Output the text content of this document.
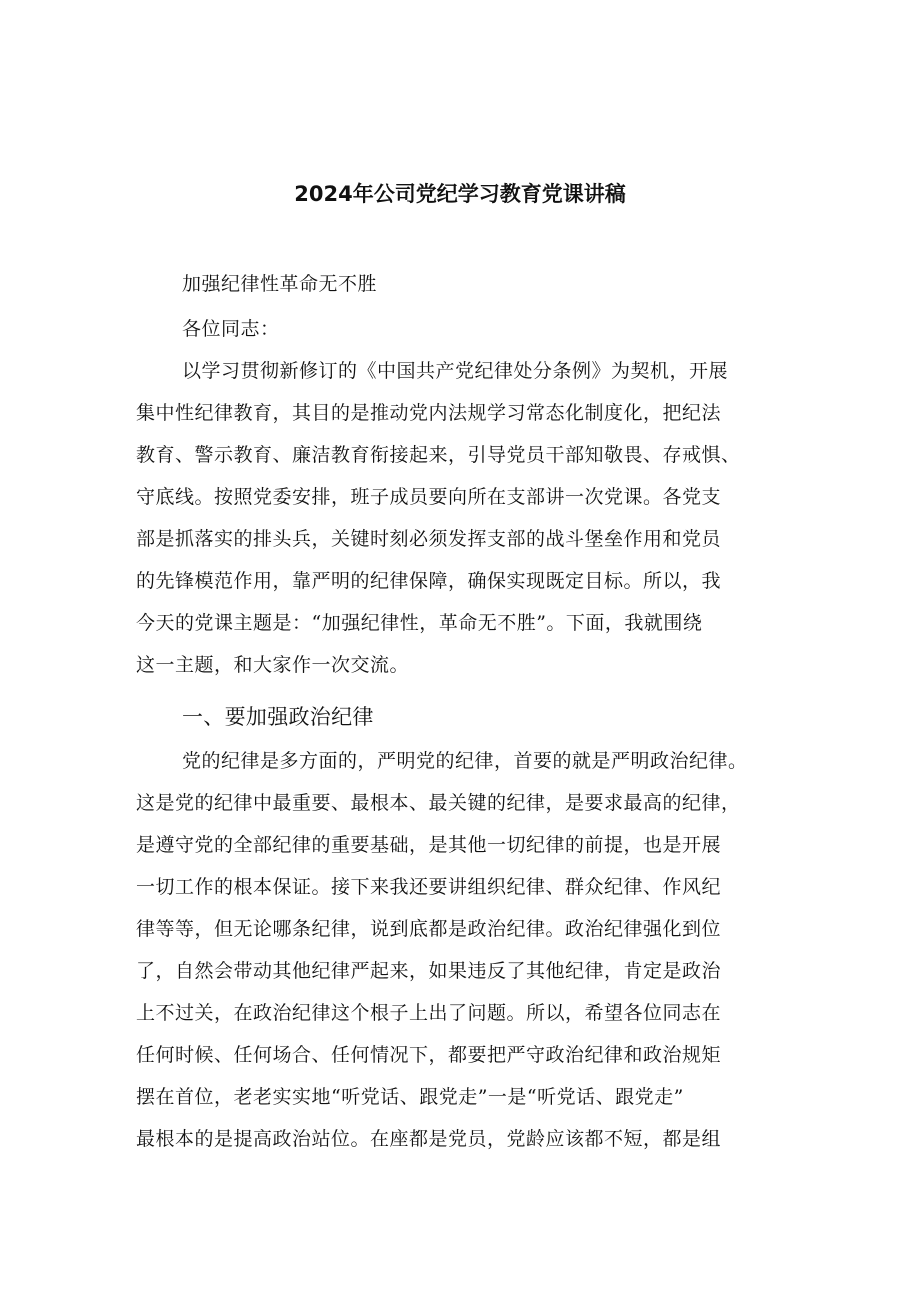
2024年公司党纪学习教育党课讲稿
加强纪律性革命无不胜
各位同志：
以学习贯彻新修订的《中国共产党纪律处分条例》为契机，开展
集中性纪律教育，其目的是推动党内法规学习常态化制度化，把纪法
教育、警示教育、廉洁教育衔接起来，引导党员干部知敬畏、存戒惧、
守底线。按照党委安排，班子成员要向所在支部讲一次党课。各党支
部是抓落实的排头兵，关键时刻必须发挥支部的战斗堡垒作用和党员
的先锋模范作用，靠严明的纪律保障，确保实现既定目标。所以，我
今天的党课主题是：“加强纪律性，革命无不胜”。下面，我就围绕
这一主题，和大家作一次交流。
一、要加强政治纪律
党的纪律是多方面的，严明党的纪律，首要的就是严明政治纪律。
这是党的纪律中最重要、最根本、最关键的纪律，是要求最高的纪律，
是遵守党的全部纪律的重要基础，是其他一切纪律的前提，也是开展
一切工作的根本保证。接下来我还要讲组织纪律、群众纪律、作风纪
律等等，但无论哪条纪律，说到底都是政治纪律。政治纪律强化到位
了，自然会带动其他纪律严起来，如果违反了其他纪律，肯定是政治
上不过关，在政治纪律这个根子上出了问题。所以，希望各位同志在
任何时候、任何场合、任何情况下，都要把严守政治纪律和政治规矩
摆在首位，老老实实地“听党话、跟党走”一是“听党话、跟党走”
最根本的是提高政治站位。在座都是党员，党龄应该都不短，都是组
